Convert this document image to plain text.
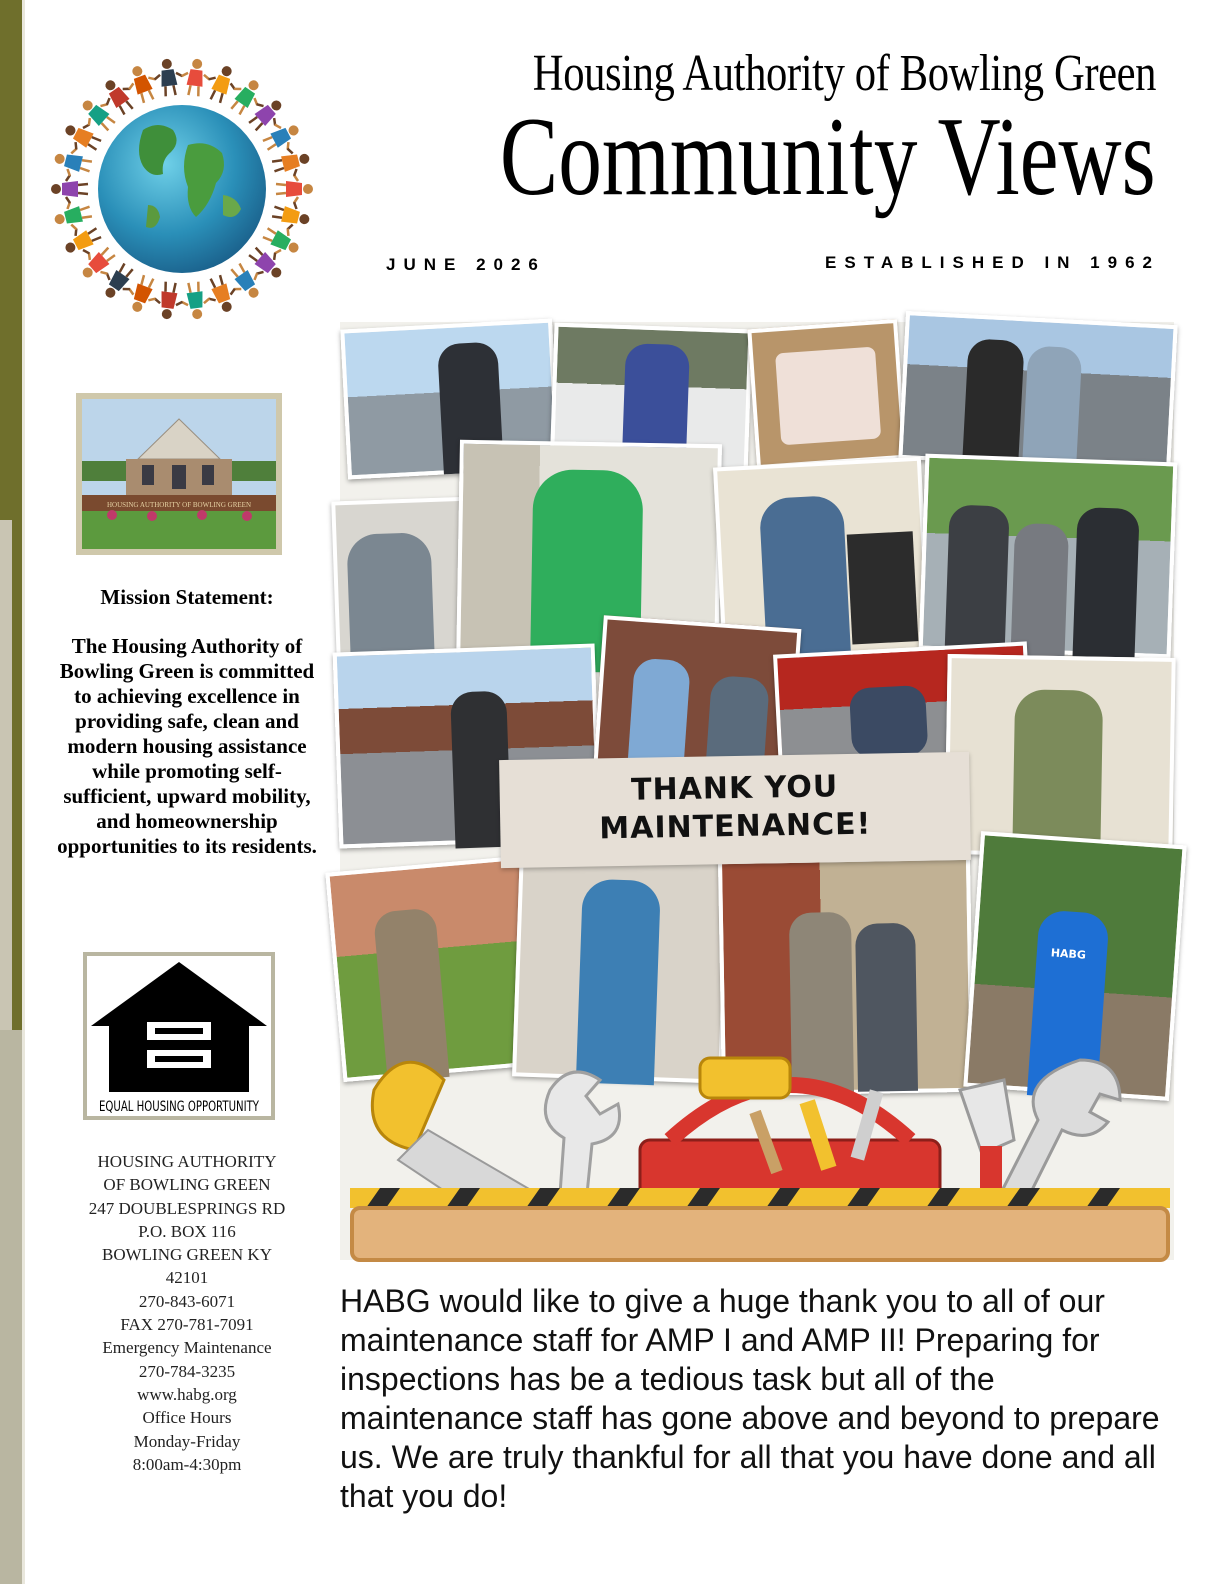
Housing Authority of Bowling Green
Community Views
JUNE 2026	ESTABLISHED IN 1962
HOUSING AUTHORITY OF BOWLING GREEN
Mission Statement:
The Housing Authority of Bowling Green is committed to achieving excellence in providing safe, clean and modern housing assistance while promoting self-sufficient, upward mobility, and homeownership opportunities to its residents.
EQUAL HOUSING OPPORTUNITY
HOUSING AUTHORITY
OF BOWLING GREEN
247 DOUBLESPRINGS RD
P.O. BOX 116
BOWLING GREEN KY
42101
270-843-6071
FAX 270-781-7091
Emergency Maintenance
270-784-3235
www.habg.org
Office Hours
Monday-Friday
8:00am-4:30pm
HABG
THANK YOU
MAINTENANCE!
HABG would like to give a huge thank you to all of our maintenance staff for AMP I and AMP II! Preparing for inspections has be a tedious task but all of the maintenance staff has gone above and beyond to prepare us. We are truly thankful for all that you have done and all that you do!
